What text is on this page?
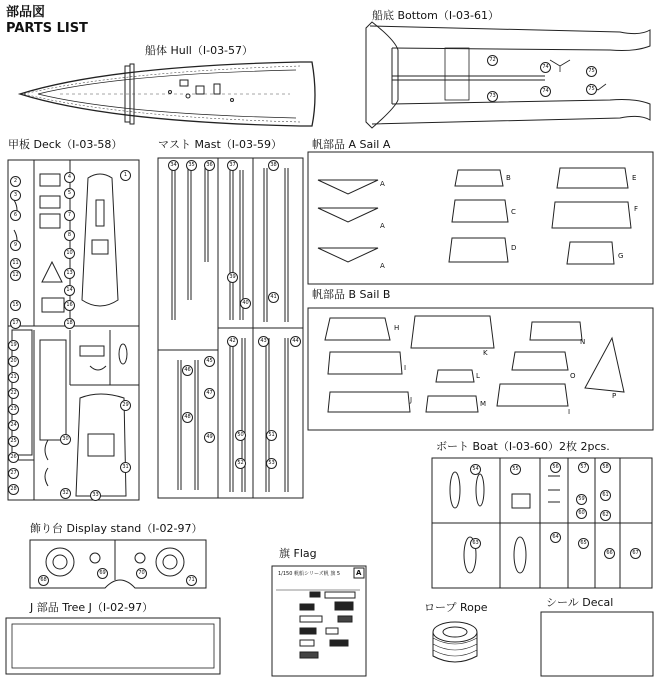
部品図
PARTS LIST
船底 Bottom（I-03-61）
船体 Hull（I-03-57）
甲板 Deck（I-03-58）	マスト Mast（I-03-59）	帆部品 A Sail A
帆部品 B Sail B
ボート Boat（I-03-60）2枚 2pcs.
飾り台 Display stand（I-02-97）
旗 Flag
J 部品 Tree J（I-02-97）	ロープ Rope	シール Decal
1/150 帆船シリーズ帆 旗 5 A
A
A
A
B
C
D
E
F
G
H
I
J
K
L
M
N
O
P
I
72
73
74
75
74	75
1
2
3
4
5
6	7
8
9
10
11
12	13
14
15	16
17	18
19
20
21
22
23
24
25
26
27
28
29
30
31
32	33
34	35	36	37	38
39
40
41
42	43	44
45
46
47
48
49	50	51
52	53
54	55	56	57	58
59
60
61
62
63
64
65
66	67
68
69	70
71
